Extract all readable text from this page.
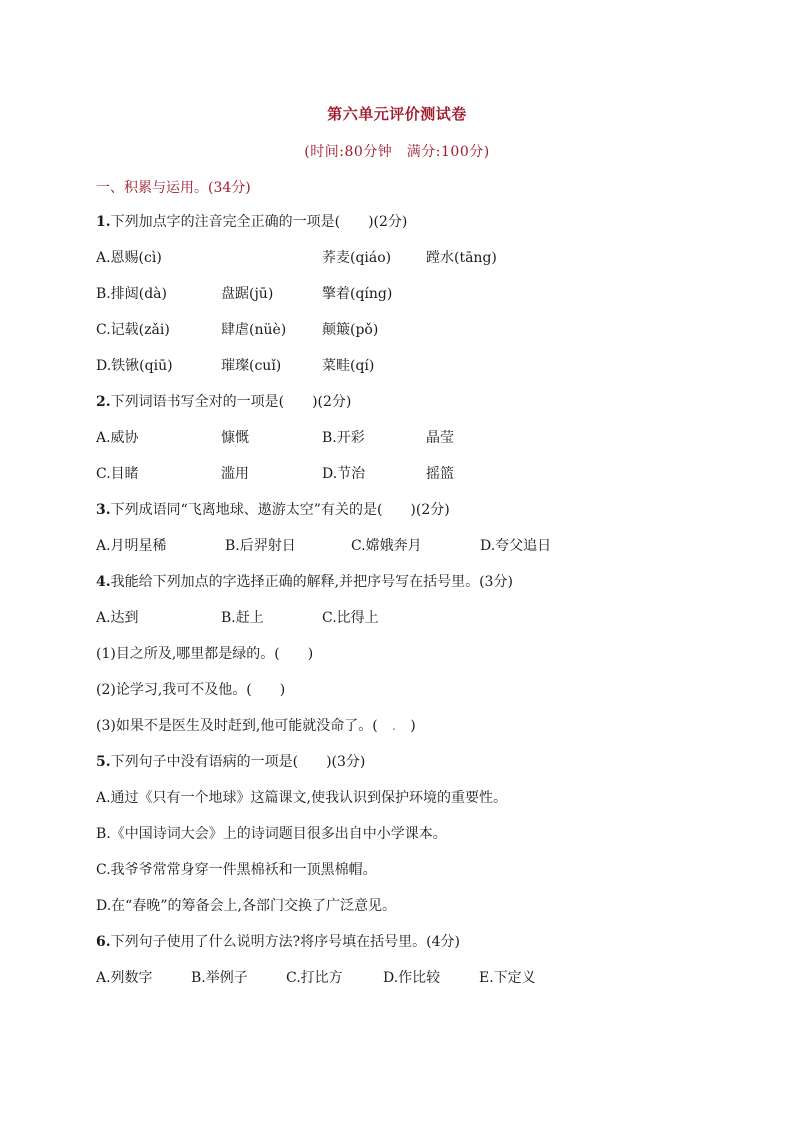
第六单元评价测试卷
(时间:80分钟　满分:100分)
一、积累与运用。(34分)
1.下列加点字的注音完全正确的一项是(　　)(2分)
A.恩赐(cì)	荞麦(qiáo) 蹚水(tāng)
B.排闼(dà)	盘踞(jū)	擎着(qíng)
C.记载(zǎi)	肆虐(nüè)	颠簸(pǒ)
D.铁锹(qiū)	璀璨(cuǐ)	菜畦(qí)
2.下列词语书写全对的一项是(　　)(2分)
A.威协	慷慨	B.开彩	晶莹
C.目睹	滥用	D.节治	摇篮
3.下列成语同“飞离地球、遨游太空”有关的是(　　)(2分)
A.月明星稀	B.后羿射日	C.嫦娥奔月	D.夸父追日
4.我能给下列加点的字选择正确的解释,并把序号写在括号里。(3分)
A.达到	B.赶上	C.比得上
(1)目之所及,哪里都是绿的。(　　)
(2)论学习,我可不及他。(　　)
(3)如果不是医生及时赶到,他可能就没命了。(　.　)
5.下列句子中没有语病的一项是(　　)(3分)
A.通过《只有一个地球》这篇课文,使我认识到保护环境的重要性。
B.《中国诗词大会》上的诗词题目很多出自中小学课本。
C.我爷爷常常身穿一件黑棉袄和一顶黑棉帽。
D.在“春晚”的筹备会上,各部门交换了广泛意见。
6.下列句子使用了什么说明方法?将序号填在括号里。(4分)
A.列数字	B.举例子	C.打比方	D.作比较	E.下定义
